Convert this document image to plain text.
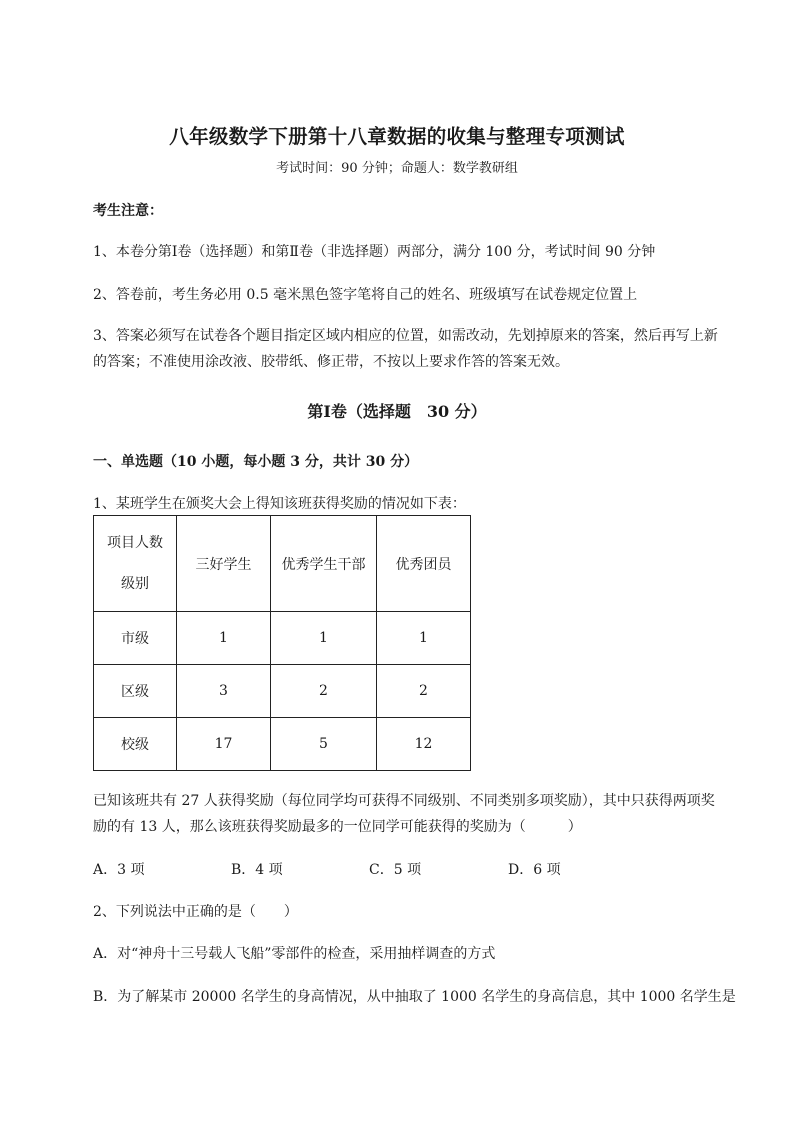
八年级数学下册第十八章数据的收集与整理专项测试
考试时间：90 分钟；命题人：数学教研组
考生注意：
1、本卷分第Ⅰ卷（选择题）和第Ⅱ卷（非选择题）两部分，满分 100 分，考试时间 90 分钟
2、答卷前，考生务必用 0.5 毫米黑色签字笔将自己的姓名、班级填写在试卷规定位置上
3、答案必须写在试卷各个题目指定区域内相应的位置，如需改动，先划掉原来的答案，然后再写上新
的答案；不准使用涂改液、胶带纸、修正带，不按以上要求作答的答案无效。
第Ⅰ卷（选择题　30 分）
一、单选题（10 小题，每小题 3 分，共计 30 分）
1、某班学生在颁奖大会上得知该班获得奖励的情况如下表：
项目人数
级别	三好学生	优秀学生干部	优秀团员
市级	1	1	1
区级	3	2	2
校级	17	5	12
已知该班共有 27 人获得奖励（每位同学均可获得不同级别、不同类别多项奖励），其中只获得两项奖
励的有 13 人，那么该班获得奖励最多的一位同学可能获得的奖励为（　　　）
A．3 项	B．4 项	C．5 项	D．6 项
2、下列说法中正确的是（　　）
A．对“神舟十三号载人飞船”零部件的检查，采用抽样调查的方式
B．为了解某市 20000 名学生的身高情况，从中抽取了 1000 名学生的身高信息，其中 1000 名学生是
